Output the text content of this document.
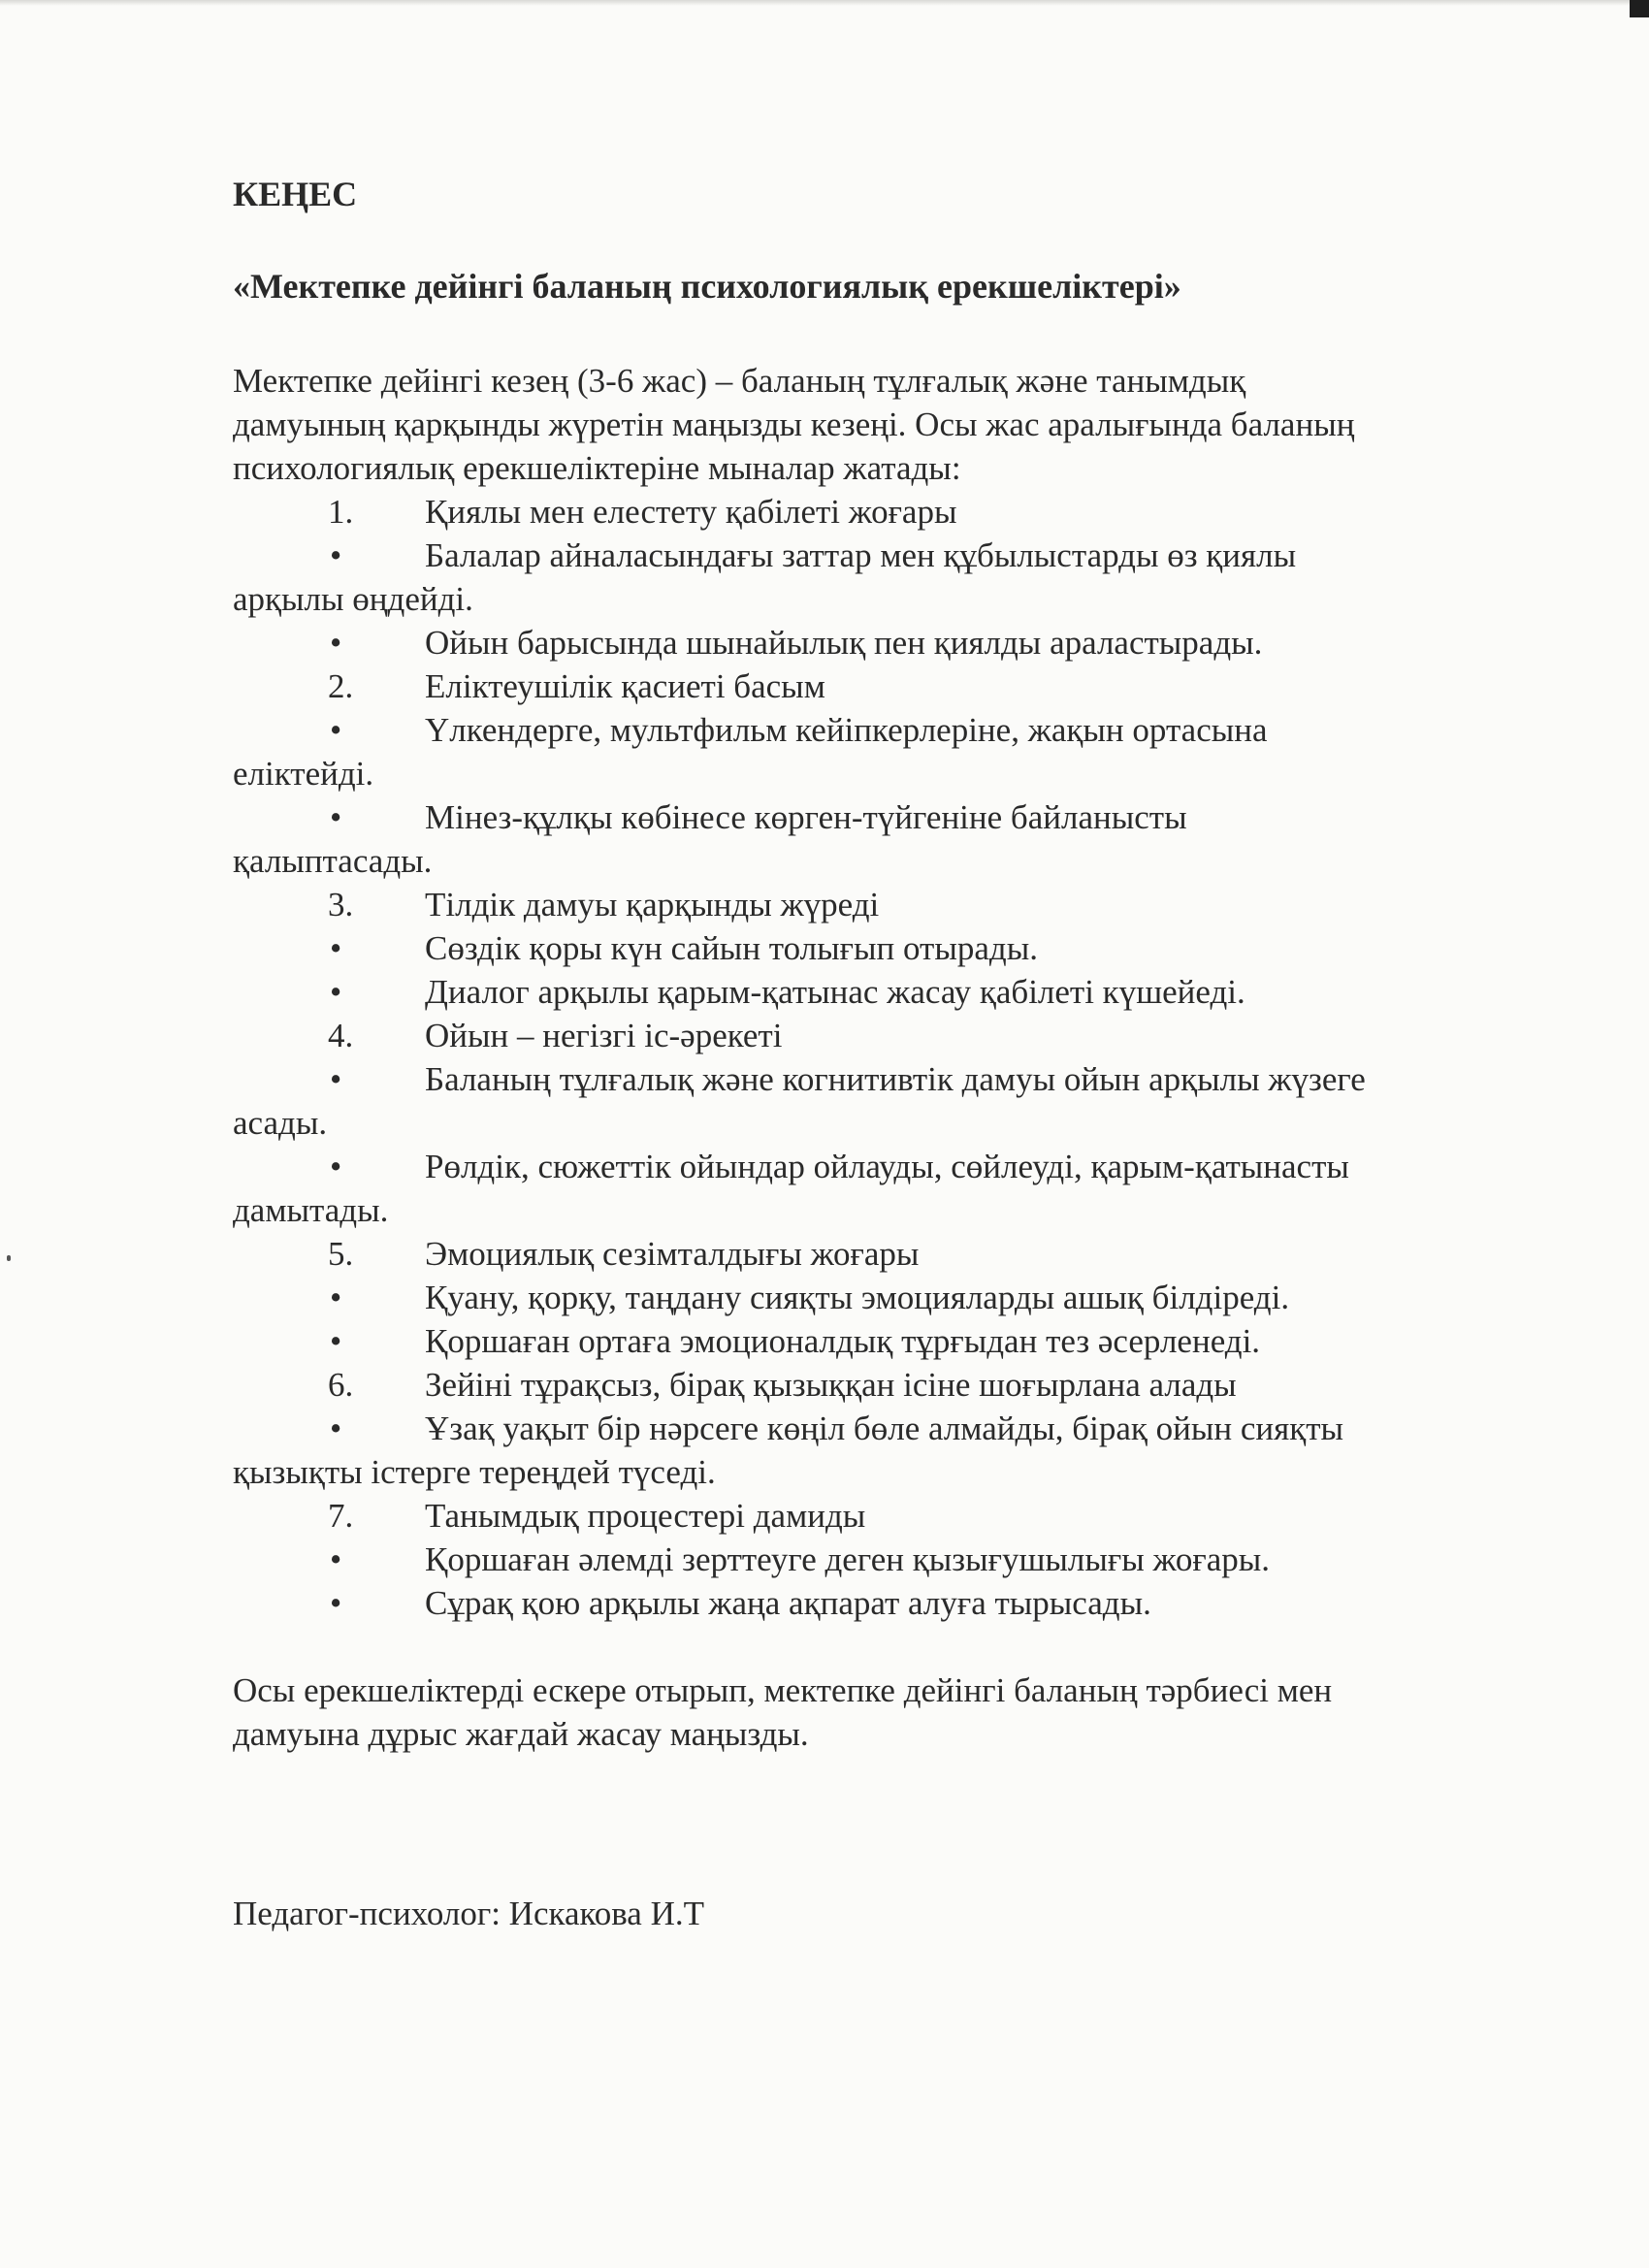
КЕҢЕС
«Мектепке дейінгі баланың психологиялық ерекшеліктері»
Мектепке дейінгі кезең (3-6 жас) – баланың тұлғалық және танымдық
дамуының қарқынды жүретін маңызды кезеңі. Осы жас аралығында баланың
психологиялық ерекшеліктеріне мыналар жатады:
1. Қиялы мен елестету қабілеті жоғары
•	Балалар айналасындағы заттар мен құбылыстарды өз қиялы
арқылы өңдейді.
•	Ойын барысында шынайылық пен қиялды араластырады.
2. Еліктеушілік қасиеті басым
•	Үлкендерге, мультфильм кейіпкерлеріне, жақын ортасына
еліктейді.
•	Мінез-құлқы көбінесе көрген-түйгеніне байланысты
қалыптасады.
3. Тілдік дамуы қарқынды жүреді
•	Сөздік қоры күн сайын толығып отырады.
•	Диалог арқылы қарым-қатынас жасау қабілеті күшейеді.
4. Ойын – негізгі іс-әрекеті
•	Баланың тұлғалық және когнитивтік дамуы ойын арқылы жүзеге
асады.
•	Рөлдік, сюжеттік ойындар ойлауды, сөйлеуді, қарым-қатынасты
дамытады.
5. Эмоциялық сезімталдығы жоғары
•	Қуану, қорқу, таңдану сияқты эмоцияларды ашық білдіреді.
•	Қоршаған ортаға эмоционалдық тұрғыдан тез әсерленеді.
6. Зейіні тұрақсыз, бірақ қызыққан ісіне шоғырлана алады
•	Ұзақ уақыт бір нәрсеге көңіл бөле алмайды, бірақ ойын сияқты
қызықты істерге тереңдей түседі.
7. Танымдық процестері дамиды
•	Қоршаған әлемді зерттеуге деген қызығушылығы жоғары.
•	Сұрақ қою арқылы жаңа ақпарат алуға тырысады.
Осы ерекшеліктерді ескере отырып, мектепке дейінгі баланың тәрбиесі мен
дамуына дұрыс жағдай жасау маңызды.
Педагог-психолог: Искакова И.Т
